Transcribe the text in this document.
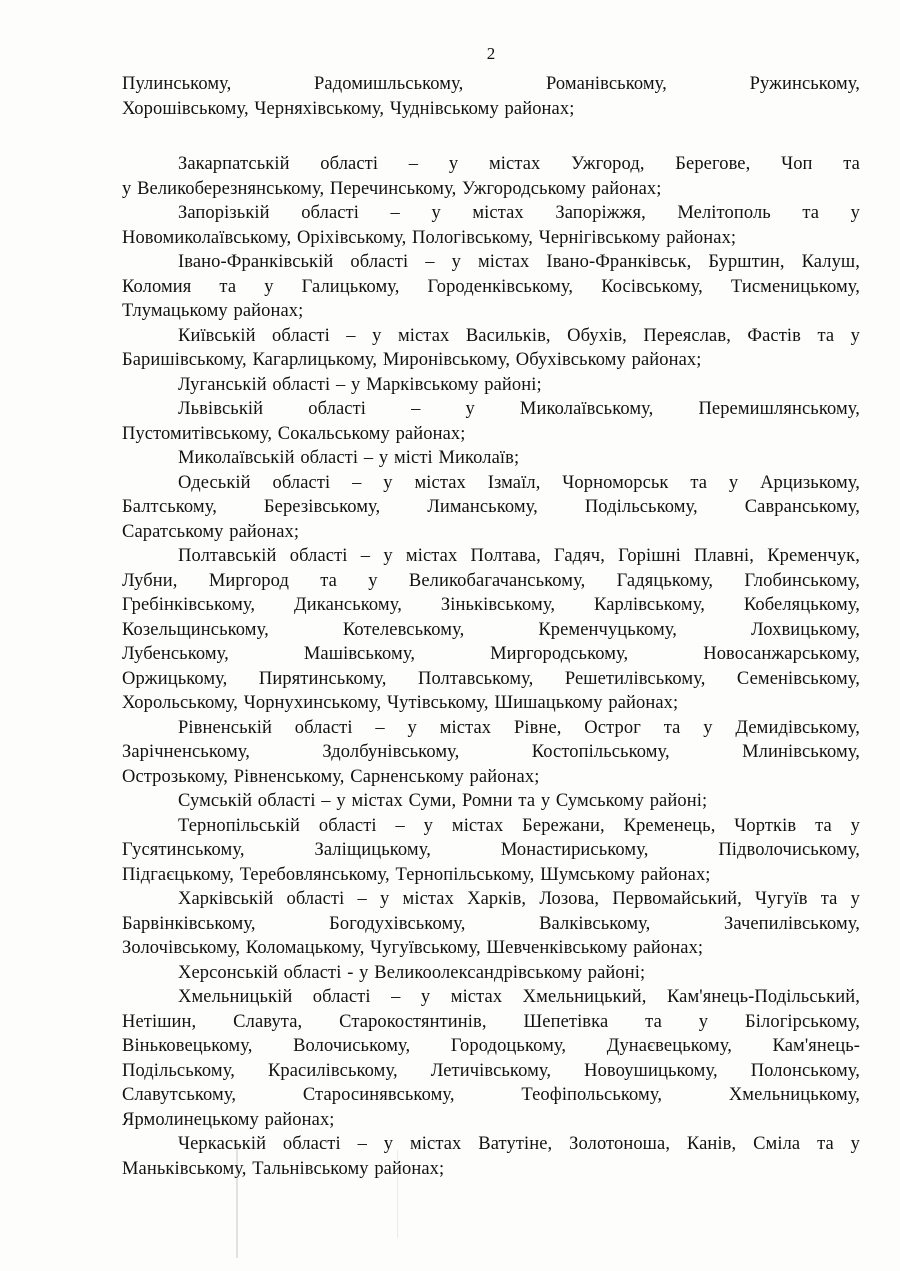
2
Пулинському, Радомишльському, Романівському, Ружинському,
Хорошівському, Черняхівському, Чуднівському районах;
Закарпатській області – у містах Ужгород, Берегове, Чоп та
у Великоберезнянському, Перечинському, Ужгородському районах;
Запорізькій області – у містах Запоріжжя, Мелітополь та у
Новомиколаївському, Оріхівському, Пологівському, Чернігівському районах;
Івано-Франківській області – у містах Івано-Франківськ, Бурштин, Калуш,
Коломия та у Галицькому, Городенківському, Косівському, Тисменицькому,
Тлумацькому районах;
Київській області – у містах Васильків, Обухів, Переяслав, Фастів та у
Баришівському, Кагарлицькому, Миронівському, Обухівському районах;
Луганській області – у Марківському районі;
Львівській області – у Миколаївському, Перемишлянському,
Пустомитівському, Сокальському районах;
Миколаївській області – у місті Миколаїв;
Одеській області – у містах Ізмаїл, Чорноморськ та у Арцизькому,
Балтському, Березівському, Лиманському, Подільському, Савранському,
Саратському районах;
Полтавській області – у містах Полтава, Гадяч, Горішні Плавні, Кременчук,
Лубни, Миргород та у Великобагачанському, Гадяцькому, Глобинському,
Гребінківському, Диканському, Зіньківському, Карлівському, Кобеляцькому,
Козельщинському, Котелевському, Кременчуцькому, Лохвицькому,
Лубенському, Машівському, Миргородському, Новосанжарському,
Оржицькому, Пирятинському, Полтавському, Решетилівському, Семенівському,
Хорольському, Чорнухинському, Чутівському, Шишацькому районах;
Рівненській області – у містах Рівне, Острог та у Демидівському,
Зарічненському, Здолбунівському, Костопільському, Млинівському,
Острозькому, Рівненському, Сарненському районах;
Сумській області – у містах Суми, Ромни та у Сумському районі;
Тернопільській області – у містах Бережани, Кременець, Чортків та у
Гусятинському, Заліщицькому, Монастириському, Підволочиському,
Підгаєцькому, Теребовлянському, Тернопільському, Шумському районах;
Харківській області – у містах Харків, Лозова, Первомайський, Чугуїв та у
Барвінківському, Богодухівському, Валківському, Зачепилівському,
Золочівському, Коломацькому, Чугуївському, Шевченківському районах;
Херсонській області - у Великоолександрівському районі;
Хмельницькій області – у містах Хмельницький, Кам'янець-Подільський,
Нетішин, Славута, Старокостянтинів, Шепетівка та у Білогірському,
Віньковецькому, Волочиському, Городоцькому, Дунаєвецькому, Кам'янець-
Подільському, Красилівському, Летичівському, Новоушицькому, Полонському,
Славутському, Старосинявському, Теофіпольському, Хмельницькому,
Ярмолинецькому районах;
Черкаській області – у містах Ватутіне, Золотоноша, Канів, Сміла та у
Маньківському, Тальнівському районах;
